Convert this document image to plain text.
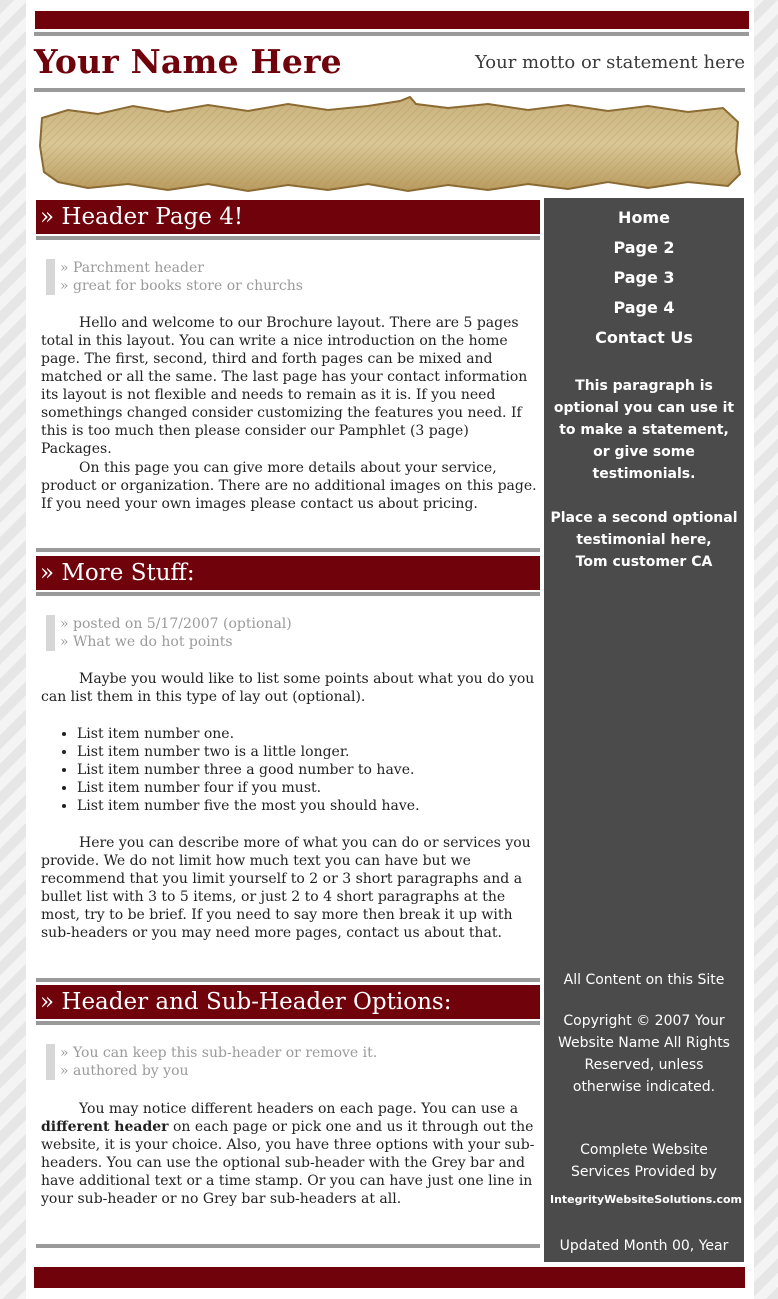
Your Name Here	Your motto or statement here
» Header Page 4!
» Parchment header
» great for books store or churchs

Hello and welcome to our Brochure layout. There are 5 pages total in this layout. You can write a nice introduction on the home page. The first, second, third and forth pages can be mixed and matched or all the same. The last page has your contact information its layout is not flexible and needs to remain as it is. If you need somethings changed consider customizing the features you need. If this is too much then please consider our Pamphlet (3 page) Packages.

On this page you can give more details about your service, product or organization. There are no additional images on this page. If you need your own images please contact us about pricing.

» More Stuff:
» posted on 5/17/2007 (optional)
» What we do hot points

Maybe you would like to list some points about what you do you can list them in this type of lay out (optional).

• List item number one.
• List item number two is a little longer.
• List item number three a good number to have.
• List item number four if you must.
• List item number five the most you should have.

Here you can describe more of what you can do or services you provide. We do not limit how much text you can have but we recommend that you limit yourself to 2 or 3 short paragraphs and a bullet list with 3 to 5 items, or just 2 to 4 short paragraphs at the most, try to be brief. If you need to say more then break it up with sub-headers or you may need more pages, contact us about that.

» Header and Sub-Header Options:
» You can keep this sub-header or remove it.
» authored by you

You may notice different headers on each page. You can use a different header on each page or pick one and us it through out the website, it is your choice. Also, you have three options with your sub-headers. You can use the optional sub-header with the Grey bar and have additional text or a time stamp. Or you can have just one line in your sub-header or no Grey bar sub-headers at all.

Home
Page 2
Page 3
Page 4
Contact Us
This paragraph is optional you can use it to make a statement, or give some testimonials.
Place a second optional testimonial here,
Tom customer CA
All Content on this Site
Copyright © 2007 Your Website Name All Rights Reserved, unless otherwise indicated.
Complete Website Services Provided by
IntegrityWebsiteSolutions.com
Updated Month 00, Year
